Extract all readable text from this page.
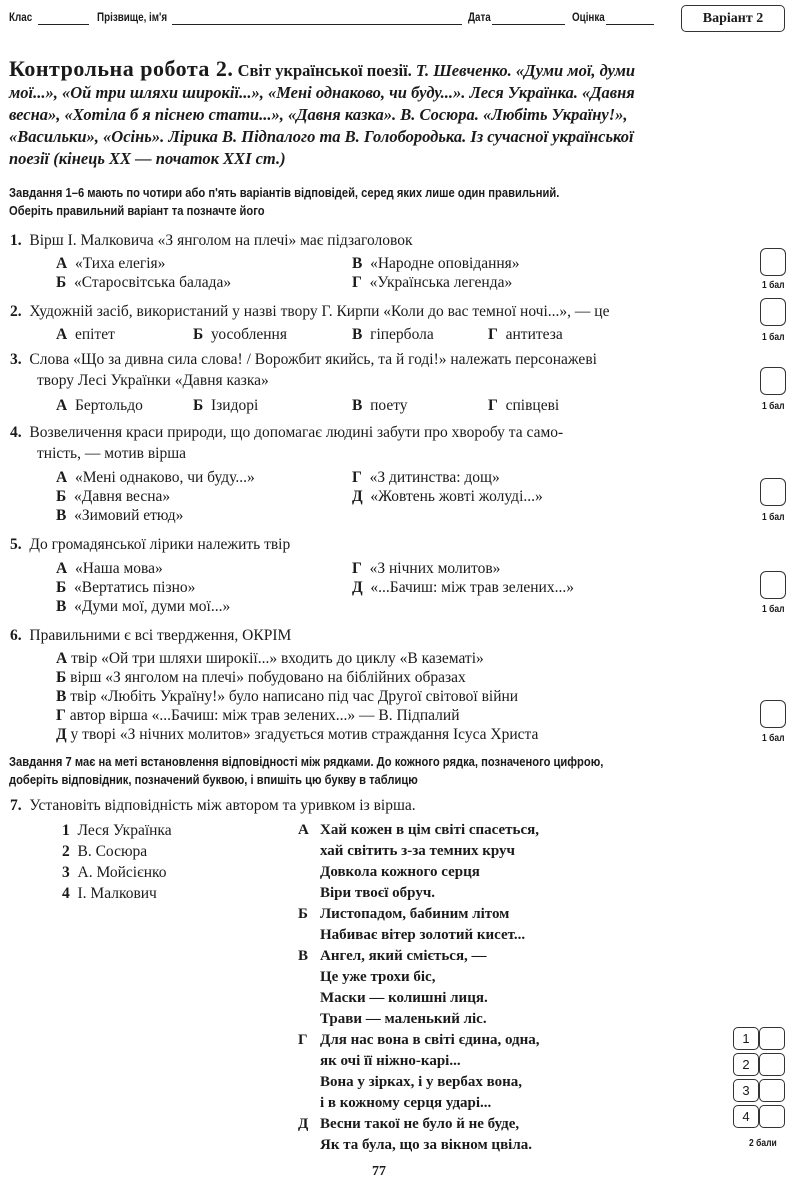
Клас	Прізвище, ім'я	Дата	Оцінка	Варіант 2
Контрольна робота 2. Світ української поезії. Т. Шевченко. «Думи мої, думи
мої...», «Ой три шляхи широкії...», «Мені однаково, чи буду...». Леся Українка. «Давня
весна», «Хотіла б я піснею стати...», «Давня казка». В. Сосюра. «Любіть Україну!»,
«Васильки», «Осінь». Лірика В. Підпалого та В. Голобородька. Із сучасної української
поезії (кінець XX — початок XXI ст.)
Завдання 1–6 мають по чотири або п'ять варіантів відповідей, серед яких лише один правильний.
Оберіть правильний варіант та позначте його
1. Вірш І. Малковича «З янголом на плечі» має підзаголовок
А «Тиха елегія»
Б «Старосвітська балада»
В «Народне оповідання»
Г «Українська легенда»	1 бал
2. Художній засіб, використаний у назві твору Г. Кирпи «Коли до вас темної ночі...», — це
А епітет	Б уособлення	В гіпербола	Г антитеза	1 бал
3. Слова «Що за дивна сила слова! / Ворожбит якийсь, та й годі!» належать персонажеві
твору Лесі Українки «Давня казка»
А Бертольдо	Б Ізидорі	В поету	Г співцеві	1 бал
4. Возвеличення краси природи, що допомагає людині забути про хворобу та само-
тність, — мотив вірша
А «Мені однаково, чи буду...»
Б «Давня весна»
В «Зимовий етюд»
Г «З дитинства: дощ»
Д «Жовтень жовті жолуді...»
1 бал
5. До громадянської лірики належить твір
А «Наша мова»
Б «Вертатись пізно»
В «Думи мої, думи мої...»
Г «З нічних молитов»
Д «...Бачиш: між трав зелених...»
1 бал
6. Правильними є всі твердження, ОКРІМ
А твір «Ой три шляхи широкії...» входить до циклу «В казематі»
Б вірш «З янголом на плечі» побудовано на біблійних образах
В твір «Любіть Україну!» було написано під час Другої світової війни
Г автор вірша «...Бачиш: між трав зелених...» — В. Підпалий
Д у творі «З нічних молитов» згадується мотив страждання Ісуса Христа	1 бал
Завдання 7 має на меті встановлення відповідності між рядками. До кожного рядка, позначеного цифрою,
доберіть відповідник, позначений буквою, і впишіть цю букву в таблицю
7. Установіть відповідність між автором та уривком із вірша.
1 Леся Українка
2 В. Сосюра
3 А. Мойсієнко
4 І. Малкович
А Хай кожен в цім світі спасеться,
хай світить з-за темних круч
Довкола кожного серця
Віри твоєї обруч.
Б Листопадом, бабиним літом
Набиває вітер золотий кисет...
В Ангел, який сміється, —
Це уже трохи біс,
Маски — колишні лиця.
Трави — маленький ліс.
Г Для нас вона в світі єдина, одна,
як очі її ніжно-карі...
Вона у зірках, і у вербах вона,
і в кожному серця ударі...
Д Весни такої не було й не буде,
Як та була, що за вікном цвіла.
1
2
3
4
2 бали
77
